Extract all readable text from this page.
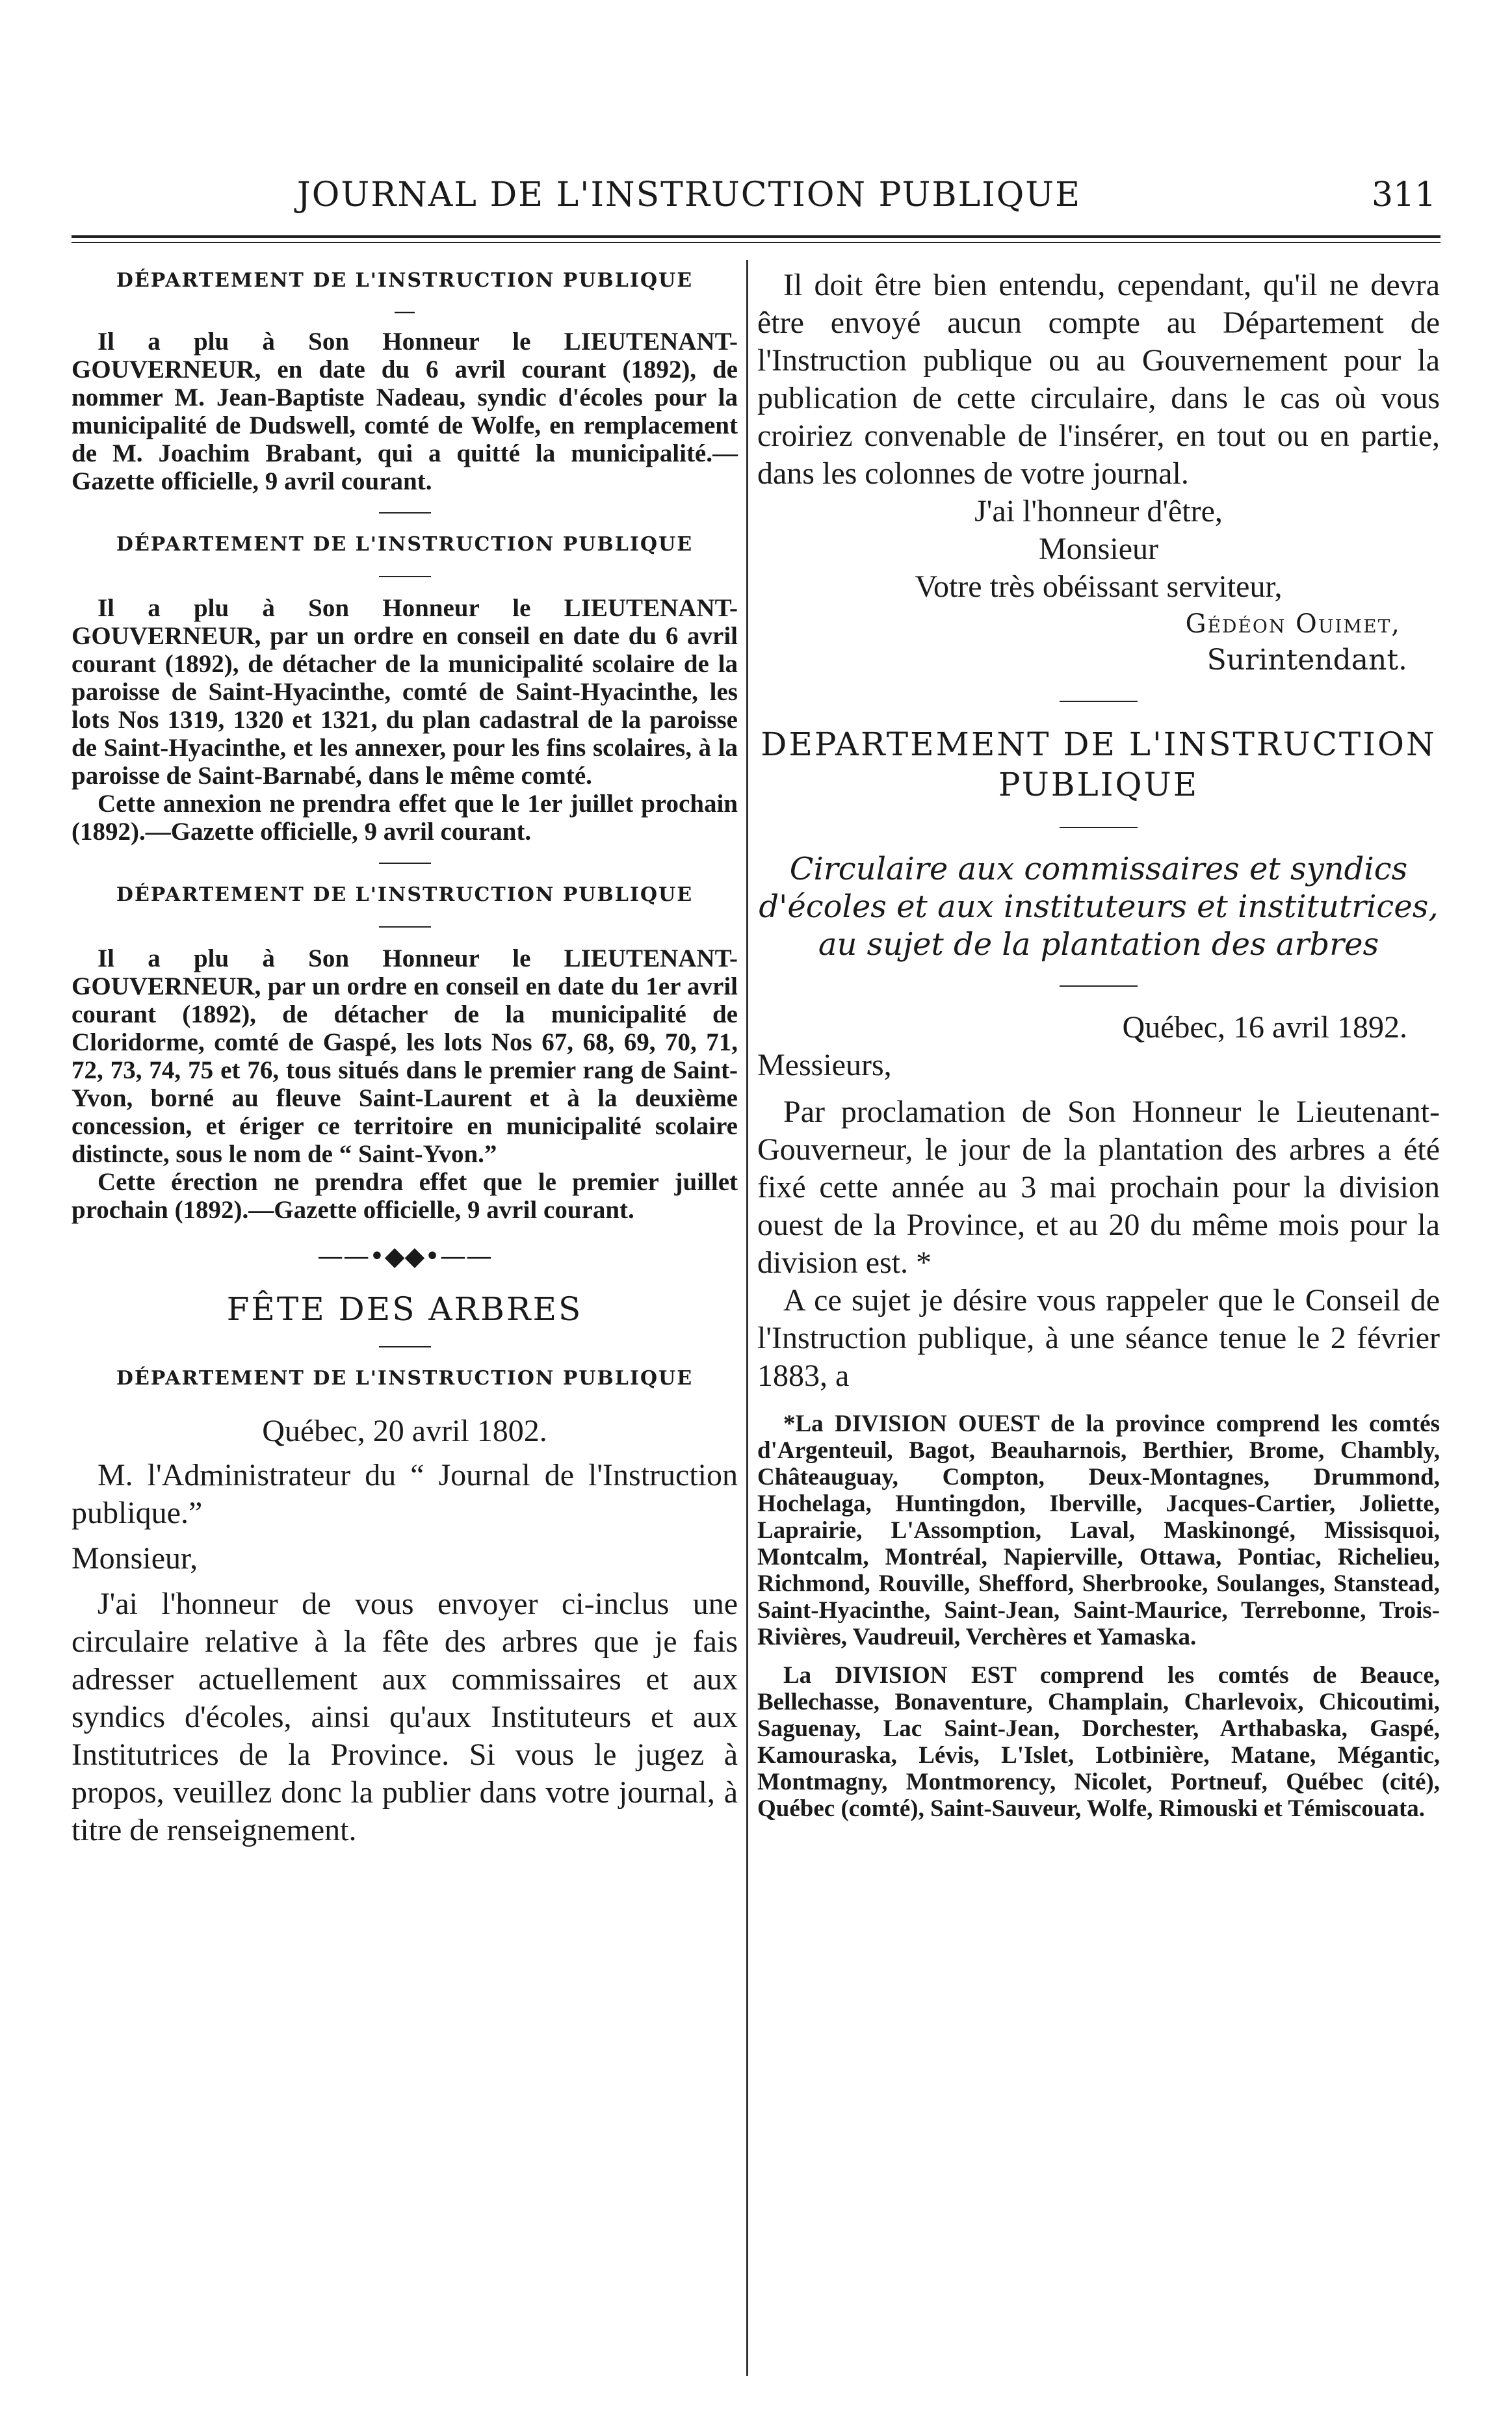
JOURNAL DE L'INSTRUCTION PUBLIQUE	311

DÉPARTEMENT DE L'INSTRUCTION PUBLIQUE

—

Il a plu à Son Honneur le LIEUTENANT-GOUVERNEUR, en date du 6 avril courant (1892), de nommer M. Jean-Baptiste Nadeau, syndic d'écoles pour la municipalité de Dudswell, comté de Wolfe, en remplacement de M. Joachim Brabant, qui a quitté la municipalité.—Gazette officielle, 9 avril courant.

DÉPARTEMENT DE L'INSTRUCTION PUBLIQUE

Il a plu à Son Honneur le LIEUTENANT-GOUVERNEUR, par un ordre en conseil en date du 6 avril courant (1892), de détacher de la municipalité scolaire de la paroisse de Saint-Hyacinthe, comté de Saint-Hyacinthe, les lots Nos 1319, 1320 et 1321, du plan cadastral de la paroisse de Saint-Hyacinthe, et les annexer, pour les fins scolaires, à la paroisse de Saint-Barnabé, dans le même comté.

Cette annexion ne prendra effet que le 1er juillet prochain (1892).—Gazette officielle, 9 avril courant.

DÉPARTEMENT DE L'INSTRUCTION PUBLIQUE

Il a plu à Son Honneur le LIEUTENANT-GOUVERNEUR, par un ordre en conseil en date du 1er avril courant (1892), de détacher de la municipalité de Cloridorme, comté de Gaspé, les lots Nos 67, 68, 69, 70, 71, 72, 73, 74, 75 et 76, tous situés dans le premier rang de Saint-Yvon, borné au fleuve Saint-Laurent et à la deuxième concession, et ériger ce territoire en municipalité scolaire distincte, sous le nom de “ Saint-Yvon.”

Cette érection ne prendra effet que le premier juillet prochain (1892).—Gazette officielle, 9 avril courant.

——•◆◆•——

FÊTE DES ARBRES

DÉPARTEMENT DE L'INSTRUCTION PUBLIQUE

Québec, 20 avril 1802.

M. l'Administrateur du “ Journal de l'Instruction publique.”

Monsieur,

J'ai l'honneur de vous envoyer ci-inclus une circulaire relative à la fête des arbres que je fais adresser actuellement aux commissaires et aux syndics d'écoles, ainsi qu'aux Instituteurs et aux Institutrices de la Province. Si vous le jugez à propos, veuillez donc la publier dans votre journal, à titre de renseignement.

Il doit être bien entendu, cependant, qu'il ne devra être envoyé aucun compte au Département de l'Instruction publique ou au Gouvernement pour la publication de cette circulaire, dans le cas où vous croiriez convenable de l'insérer, en tout ou en partie, dans les colonnes de votre journal.

J'ai l'honneur d'être,

Monsieur

Votre très obéissant serviteur,

Gédéon Ouimet,

Surintendant.

DEPARTEMENT DE L'INSTRUCTION PUBLIQUE

Circulaire aux commissaires et syndics d'écoles et aux instituteurs et institutrices, au sujet de la plantation des arbres

Québec, 16 avril 1892.

Messieurs,

Par proclamation de Son Honneur le Lieutenant-Gouverneur, le jour de la plantation des arbres a été fixé cette année au 3 mai prochain pour la division ouest de la Province, et au 20 du même mois pour la division est. *

A ce sujet je désire vous rappeler que le Conseil de l'Instruction publique, à une séance tenue le 2 février 1883, a

*La DIVISION OUEST de la province comprend les comtés d'Argenteuil, Bagot, Beauharnois, Berthier, Brome, Chambly, Châteauguay, Compton, Deux-Montagnes, Drummond, Hochelaga, Huntingdon, Iberville, Jacques-Cartier, Joliette, Laprairie, L'Assomption, Laval, Maskinongé, Missisquoi, Montcalm, Montréal, Napierville, Ottawa, Pontiac, Richelieu, Richmond, Rouville, Shefford, Sherbrooke, Soulanges, Stanstead, Saint-Hyacinthe, Saint-Jean, Saint-Maurice, Terrebonne, Trois-Rivières, Vaudreuil, Verchères et Yamaska.

La DIVISION EST comprend les comtés de Beauce, Bellechasse, Bonaventure, Champlain, Charlevoix, Chicoutimi, Saguenay, Lac Saint-Jean, Dorchester, Arthabaska, Gaspé, Kamouraska, Lévis, L'Islet, Lotbinière, Matane, Mégantic, Montmagny, Montmorency, Nicolet, Portneuf, Québec (cité), Québec (comté), Saint-Sauveur, Wolfe, Rimouski et Témiscouata.
